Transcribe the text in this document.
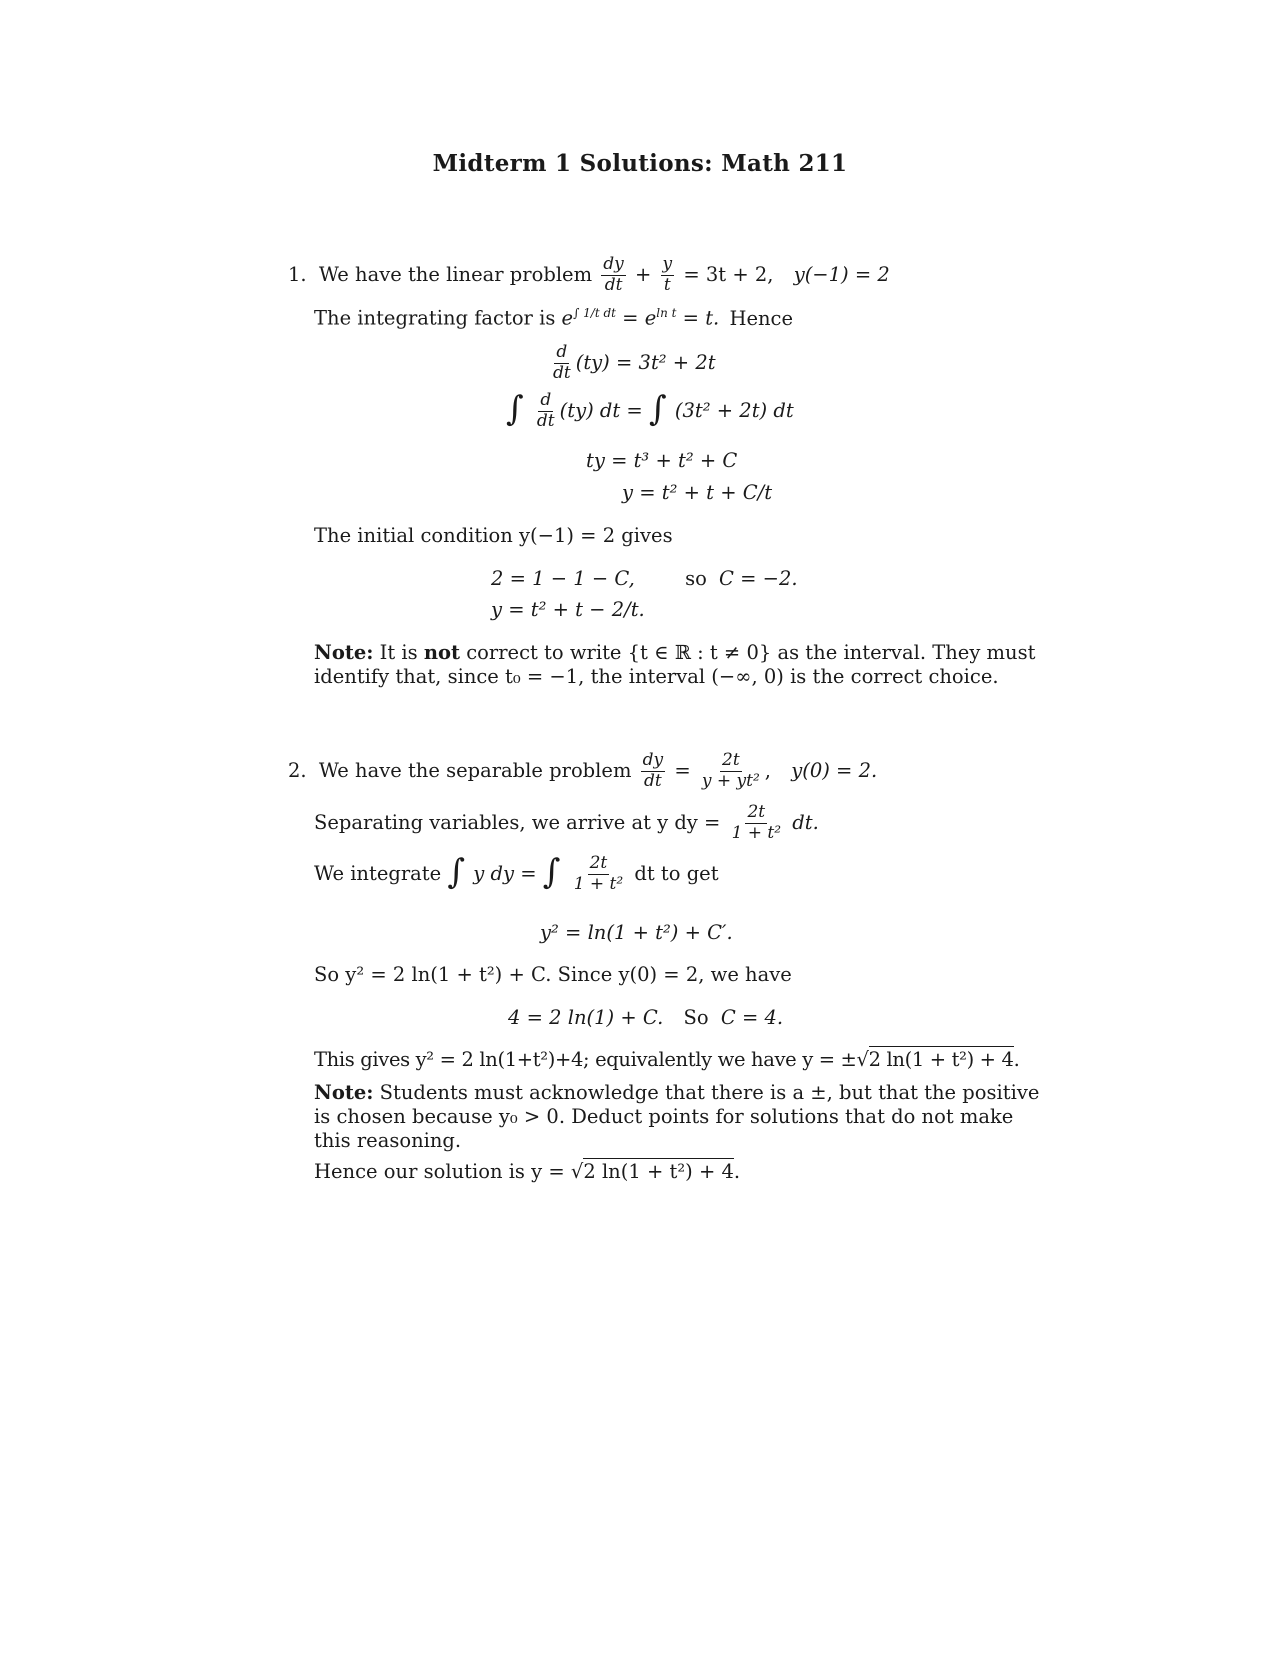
Midterm 1 Solutions: Math 211
1. We have the linear problem $\frac{dy}{dt} + \frac{y}{t} = 3t + 2$, y(−1) = 2
The integrating factor is $e^{\int 1/t dt} = e^{ln t} = t$. Hence
$\frac{d}{dt} (ty) = 3t^2 + 2t$
∫ $\frac{d}{dt} (ty)$ dt = ∫ (3t² + 2t) dt
ty = t³ + t² + C
y = t² + t + C/t
The initial condition y(−1) = 2 gives
2 = 1 − 1 − C,	so C = −2.
y = t² + t − 2/t.
Note: It is not correct to write {t ∈ ℝ : t ≠ 0} as the interval. They must
identify that, since t₀ = −1, the interval (−∞, 0) is the correct choice.
2. We have the separable problem $\frac{dy}{dt} = \frac{2t}{\text{y + yt²}}$ , y(0) = 2.
Separating variables, we arrive at y dy = $\frac{2t}{\text{1 + t²}}$ dt.
We integrate ∫ y dy = ∫ $\frac{2t}{\text{1 + t²}}$ dt to get
y² = ln(1 + t²) + C′.
So y² = 2 ln(1 + t²) + C. Since y(0) = 2, we have
4 = 2 ln(1) + C. So C = 4.
This gives y² = 2 ln(1+t²)+4; equivalently we have y = ±√2 ln(1 + t²) + 4.
Note: Students must acknowledge that there is a ±, but that the positive
is chosen because y₀ > 0. Deduct points for solutions that do not make
this reasoning.
Hence our solution is y = √2 ln(1 + t²) + 4.
